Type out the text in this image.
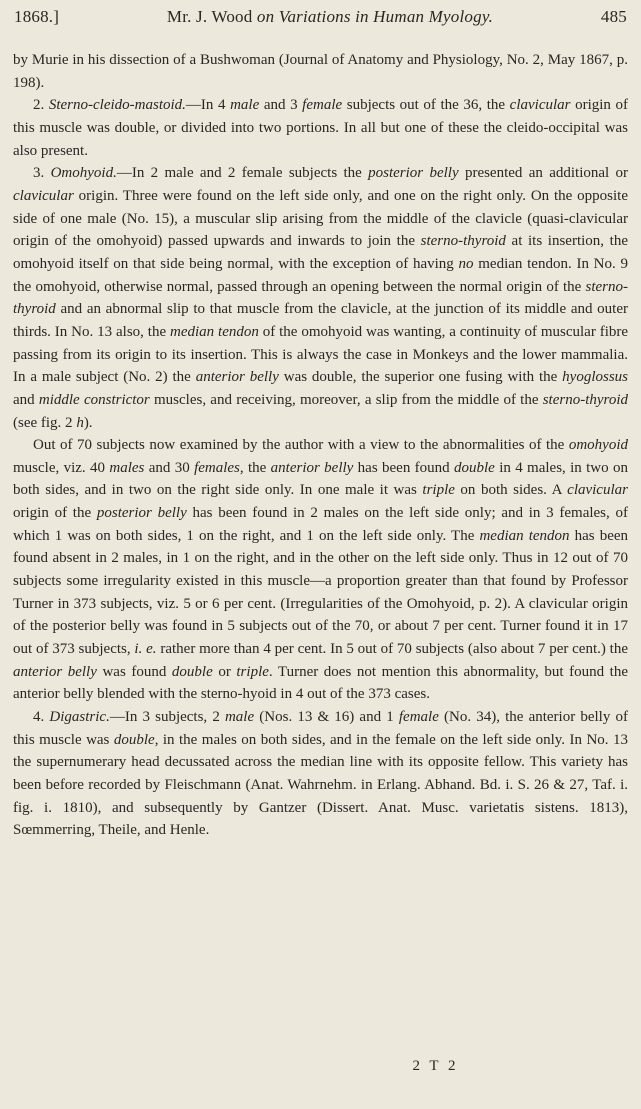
1868.]	Mr. J. Wood on Variations in Human Myology.	485

by Murie in his dissection of a Bushwoman (Journal of Anatomy and Physiology, No. 2, May 1867, p. 198).

2. Sterno-cleido-mastoid.—In 4 male and 3 female subjects out of the 36, the clavicular origin of this muscle was double, or divided into two portions. In all but one of these the cleido-occipital was also present.

3. Omohyoid.—In 2 male and 2 female subjects the posterior belly presented an additional or clavicular origin. Three were found on the left side only, and one on the right only. On the opposite side of one male (No. 15), a muscular slip arising from the middle of the clavicle (quasi-clavicular origin of the omohyoid) passed upwards and inwards to join the sterno-thyroid at its insertion, the omohyoid itself on that side being normal, with the exception of having no median tendon. In No. 9 the omohyoid, otherwise normal, passed through an opening between the normal origin of the sterno-thyroid and an abnormal slip to that muscle from the clavicle, at the junction of its middle and outer thirds. In No. 13 also, the median tendon of the omohyoid was wanting, a continuity of muscular fibre passing from its origin to its insertion. This is always the case in Monkeys and the lower mammalia. In a male subject (No. 2) the anterior belly was double, the superior one fusing with the hyoglossus and middle constrictor muscles, and receiving, moreover, a slip from the middle of the sterno-thyroid (see fig. 2 h).

Out of 70 subjects now examined by the author with a view to the abnormalities of the omohyoid muscle, viz. 40 males and 30 females, the anterior belly has been found double in 4 males, in two on both sides, and in two on the right side only. In one male it was triple on both sides. A clavicular origin of the posterior belly has been found in 2 males on the left side only; and in 3 females, of which 1 was on both sides, 1 on the right, and 1 on the left side only. The median tendon has been found absent in 2 males, in 1 on the right, and in the other on the left side only. Thus in 12 out of 70 subjects some irregularity existed in this muscle—a proportion greater than that found by Professor Turner in 373 subjects, viz. 5 or 6 per cent. (Irregularities of the Omohyoid, p. 2). A clavicular origin of the posterior belly was found in 5 subjects out of the 70, or about 7 per cent. Turner found it in 17 out of 373 subjects, i. e. rather more than 4 per cent. In 5 out of 70 subjects (also about 7 per cent.) the anterior belly was found double or triple. Turner does not mention this abnormality, but found the anterior belly blended with the sterno-hyoid in 4 out of the 373 cases.

4. Digastric.—In 3 subjects, 2 male (Nos. 13 & 16) and 1 female (No. 34), the anterior belly of this muscle was double, in the males on both sides, and in the female on the left side only. In No. 13 the supernumerary head decussated across the median line with its opposite fellow. This variety has been before recorded by Fleischmann (Anat. Wahrnehm. in Erlang. Abhand. Bd. i. S. 26 & 27, Taf. i. fig. i. 1810), and subsequently by Gantzer (Dissert. Anat. Musc. varietatis sistens. 1813), Sœmmerring, Theile, and Henle.

2 T 2
